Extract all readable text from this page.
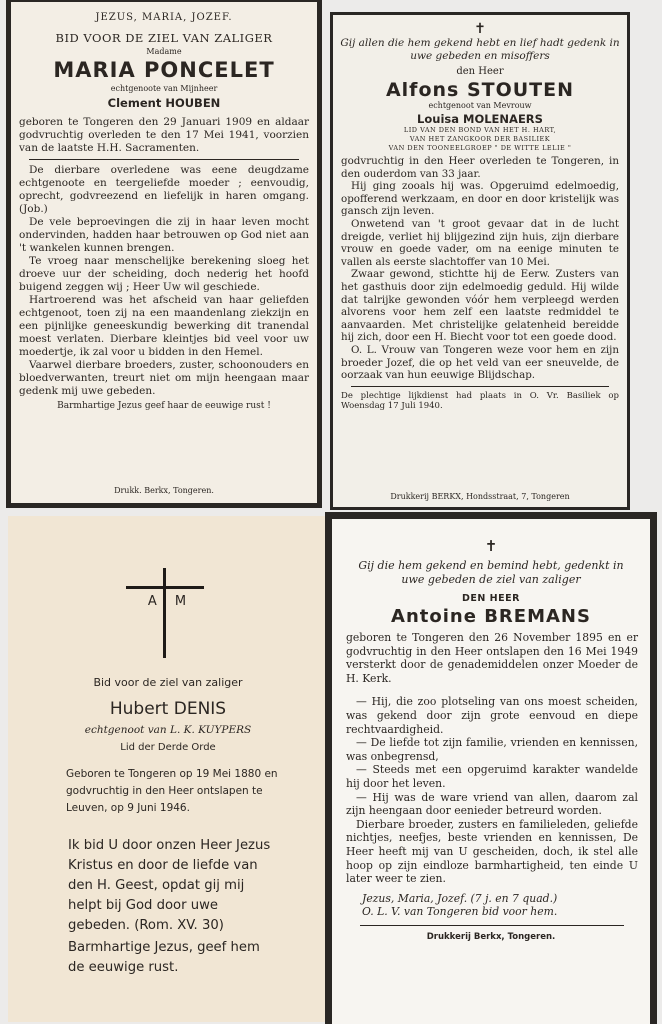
JEZUS, MARIA, JOZEF.
BID VOOR DE ZIEL VAN ZALIGER
Madame
MARIA PONCELET
echtgenoote van Mijnheer
Clement HOUBEN

geboren te Tongeren den 29 Januari 1909 en aldaar godvruchtig overleden te den 17 Mei 1941, voorzien van de laatste H.H. Sacramenten.

De dierbare overledene was eene deugdzame echtgenoote en teergeliefde moeder ; eenvoudig, oprecht, godvreezend en liefelijk in haren omgang. (Job.)

De vele beproevingen die zij in haar leven mocht ondervinden, hadden haar betrouwen op God niet aan 't wankelen kunnen brengen.

Te vroeg naar menschelijke berekening sloeg het droeve uur der scheiding, doch nederig het hoofd buigend zeggen wij ; Heer Uw wil geschiede.

Hartroerend was het afscheid van haar geliefden echtgenoot, toen zij na een maandenlang ziekzijn en een pijnlijke geneeskundig bewerking dit tranendal moest verlaten. Dierbare kleintjes bid veel voor uw moedertje, ik zal voor u bidden in den Hemel.

Vaarwel dierbare broeders, zuster, schoonouders en bloedverwanten, treurt niet om mijn heengaan maar gedenk mij uwe gebeden.

Barmhartige Jezus geef haar de eeuwige rust !
Drukk. Berkx, Tongeren.
✝
Gij allen die hem gekend hebt en lief hadt gedenk in uwe gebeden en misoffers
den Heer
Alfons STOUTEN
echtgenoot van Mevrouw
Louisa MOLENAERS
LID VAN DEN BOND VAN HET H. HART,
VAN HET ZANGKOOR DER BASILIEK
VAN DEN TOONEELGROEP " DE WITTE LELIE "

godvruchtig in den Heer overleden te Tongeren, in den ouderdom van 33 jaar.

Hij ging zooals hij was. Opgeruimd edelmoedig, opofferend werkzaam, en door en door kristelijk was gansch zijn leven.

Onwetend van 't groot gevaar dat in de lucht dreigde, verliet hij blijgezind zijn huis, zijn dierbare vrouw en goede vader, om na eenige minuten te vallen als eerste slachtoffer van 10 Mei.

Zwaar gewond, stichtte hij de Eerw. Zusters van het gasthuis door zijn edelmoedig geduld. Hij wilde dat talrijke gewonden vóór hem verpleegd werden alvorens voor hem zelf een laatste redmiddel te aanvaarden. Met christelijke gelatenheid bereidde hij zich, door een H. Biecht voor tot een goede dood.

O. L. Vrouw van Tongeren weze voor hem en zijn broeder Jozef, die op het veld van eer sneuvelde, de oorzaak van hun eeuwige Blijdschap.

De plechtige lijkdienst had plaats in O. Vr. Basiliek op Woensdag 17 Juli 1940.

Drukkerij BERKX, Hondsstraat, 7, Tongeren
A M
Bid voor de ziel van zaliger
Hubert DENIS
echtgenoot van L. K. KUYPERS
Lid der Derde Orde
Geboren te Tongeren op 19 Mei 1880 en godvruchtig in den Heer ontslapen te Leuven, op 9 Juni 1946.
Ik bid U door onzen Heer Jezus Kristus en door de liefde van den H. Geest, opdat gij mij helpt bij God door uwe gebeden. (Rom. XV. 30)
Barmhartige Jezus, geef hem de eeuwige rust.
✝
Gij die hem gekend en bemind hebt, gedenkt in uwe gebeden de ziel van zaliger
DEN HEER
Antoine BREMANS

geboren te Tongeren den 26 November 1895 en er godvruchtig in den Heer ontslapen den 16 Mei 1949 versterkt door de genademiddelen onzer Moeder de H. Kerk.

— Hij, die zoo plotseling van ons moest scheiden, was gekend door zijn grote eenvoud en diepe rechtvaardigheid.

— De liefde tot zijn familie, vrienden en kennissen, was onbegrensd,

— Steeds met een opgeruimd karakter wandelde hij door het leven.

— Hij was de ware vriend van allen, daarom zal zijn heengaan door eenieder betreurd worden.

Dierbare broeder, zusters en familieleden, geliefde nichtjes, neefjes, beste vrienden en kennissen, De Heer heeft mij van U gescheiden, doch, ik stel alle hoop op zijn eindloze barmhartigheid, ten einde U later weer te zien.

Jezus, Maria, Jozef. (7 j. en 7 quad.)
O. L. V. van Tongeren bid voor hem.
Drukkerij Berkx, Tongeren.
